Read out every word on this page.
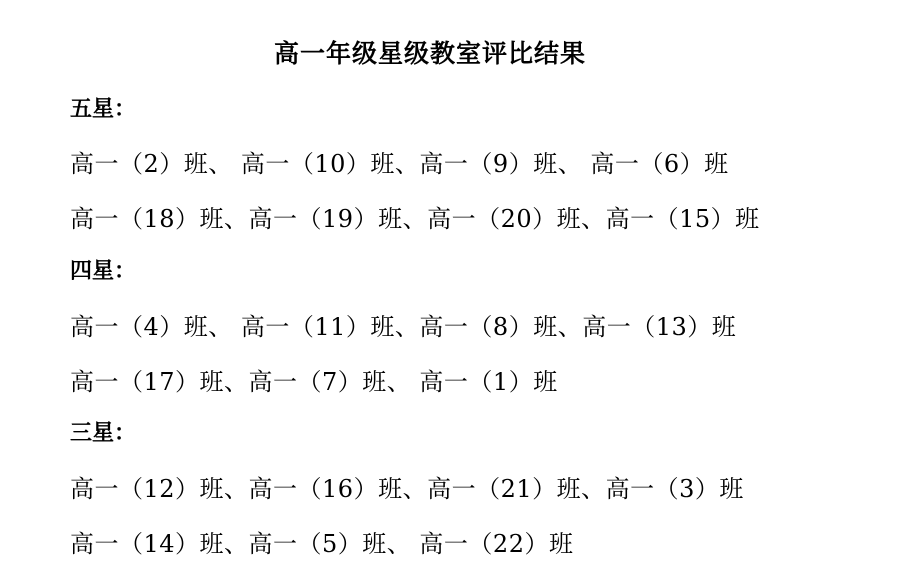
高一年级星级教室评比结果
五星：
高一（2）班、 高一（10）班、高一（9）班、 高一（6）班
高一（18）班、高一（19）班、高一（20）班、高一（15）班
四星：
高一（4）班、 高一（11）班、高一（8）班、高一（13）班
高一（17）班、高一（7）班、 高一（1）班
三星：
高一（12）班、高一（16）班、高一（21）班、高一（3）班
高一（14）班、高一（5）班、 高一（22）班
